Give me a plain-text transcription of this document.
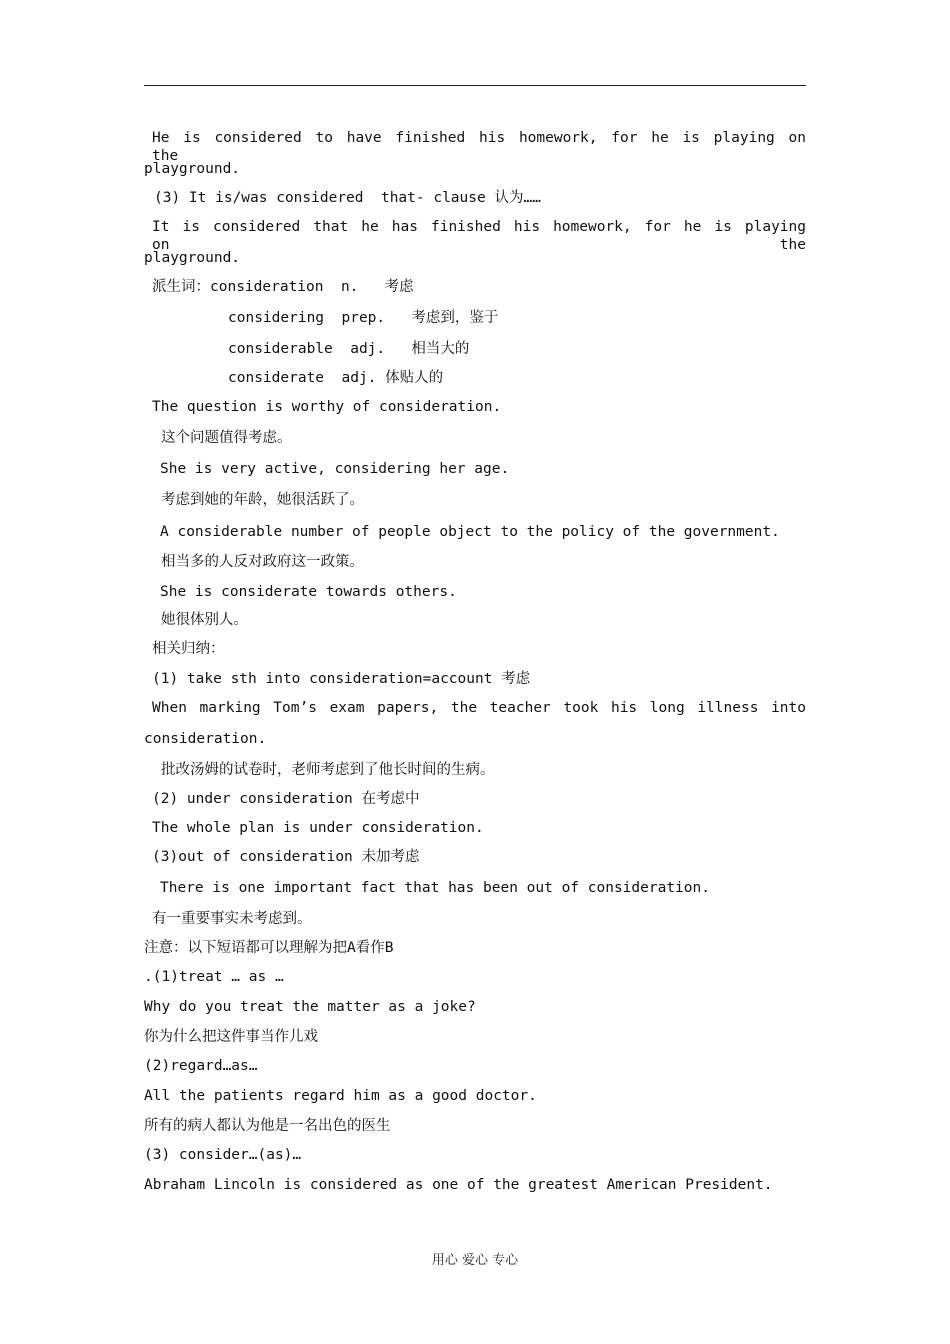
He is considered to have finished his homework, for he is playing on the
playground.
(3) It is/was considered  that- clause 认为……
It is considered that he has finished his homework, for he is playing on the
playground.
派生词：consideration  n.   考虑
considering  prep.   考虑到，鉴于
considerable  adj.   相当大的
considerate  adj. 体贴人的
The question is worthy of consideration.
这个问题值得考虑。
She is very active, considering her age.
考虑到她的年龄，她很活跃了。
A considerable number of people object to the policy of the government.
相当多的人反对政府这一政策。
She is considerate towards others.
她很体别人。
相关归纳：
(1) take sth into consideration=account 考虑
When marking Tom’s exam papers, the teacher took his long illness into
consideration.
批改汤姆的试卷时，老师考虑到了他长时间的生病。
(2) under consideration 在考虑中
The whole plan is under consideration.
(3)out of consideration 未加考虑
There is one important fact that has been out of consideration.
有一重要事实未考虑到。
注意：以下短语都可以理解为把A看作B
.(1)treat … as …
Why do you treat the matter as a joke?
你为什么把这件事当作儿戏
(2)regard…as…
All the patients regard him as a good doctor.
所有的病人都认为他是一名出色的医生
(3) consider…(as)…
Abraham Lincoln is considered as one of the greatest American President.
用心 爱心 专心
